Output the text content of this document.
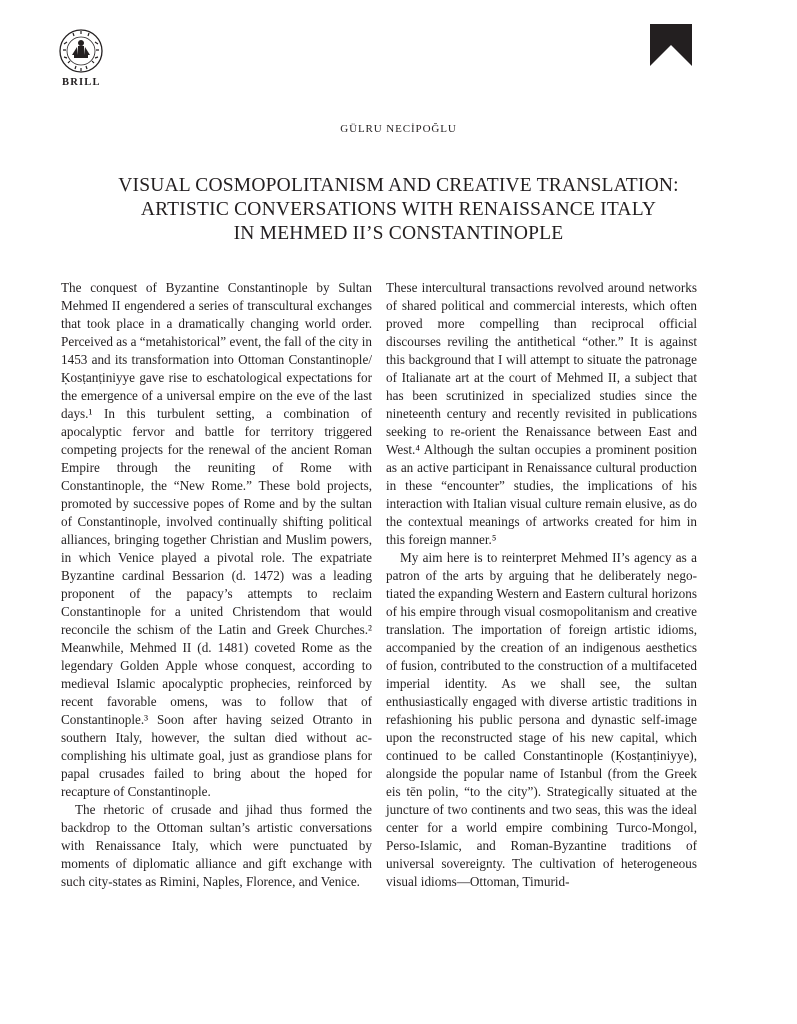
BRILL
GÜLRU NECİPOĞLU
VISUAL COSMOPOLITANISM AND CREATIVE TRANSLATION:
ARTISTIC CONVERSATIONS WITH RENAISSANCE ITALY
IN MEHMED II’S CONSTANTINOPLE

The conquest of Byzantine Constantinople by Sultan Mehmed II engendered a series of transcultural exchanges that took place in a dramatically changing world order. Perceived as a “metahistorical” event, the fall of the city in 1453 and its transformation into Ottoman Constantinople/Ḳosṭanṭiniyye gave rise to eschatological expectations for the emergence of a universal empire on the eve of the last days.¹ In this turbulent setting, a combination of apocalyptic fervor and battle for territory triggered competing projects for the renewal of the ancient Roman Empire through the reuniting of Rome with Constantinople, the “New Rome.” These bold projects, promoted by successive popes of Rome and by the sultan of Constantinople, involved continually shifting political alliances, bringing together Christian and Muslim powers, in which Venice played a pivotal role. The expatriate Byzantine cardinal Bessarion (d. 1472) was a leading proponent of the papacy’s attempts to reclaim Constantinople for a united Christendom that would reconcile the schism of the Latin and Greek Churches.² Meanwhile, Mehmed II (d. 1481) coveted Rome as the legendary Golden Apple whose conquest, according to medieval Islamic apocalyptic prophecies, reinforced by recent favorable omens, was to follow that of Constantinople.³ Soon after having seized Otranto in southern Italy, however, the sultan died without accomplishing his ultimate goal, just as grandiose plans for papal crusades failed to bring about the hoped for recapture of Constantinople.

The rhetoric of crusade and jihad thus formed the backdrop to the Ottoman sultan’s artistic conversations with Renaissance Italy, which were punctuated by moments of diplomatic alliance and gift exchange with such city-states as Rimini, Naples, Florence, and Venice.

These intercultural transactions revolved around networks of shared political and commercial interests, which often proved more compelling than reciprocal official discourses reviling the antithetical “other.” It is against this background that I will attempt to situate the patronage of Italianate art at the court of Mehmed II, a subject that has been scrutinized in specialized studies since the nineteenth century and recently revisited in publications seeking to re-orient the Renaissance between East and West.⁴ Although the sultan occupies a prominent position as an active participant in Renaissance cultural production in these “encounter” studies, the implications of his interaction with Italian visual culture remain elusive, as do the contextual meanings of artworks created for him in this foreign manner.⁵

My aim here is to reinterpret Mehmed II’s agency as a patron of the arts by arguing that he deliberately negotiated the expanding Western and Eastern cultural horizons of his empire through visual cosmopolitanism and creative translation. The importation of foreign artistic idioms, accompanied by the creation of an indigenous aesthetics of fusion, contributed to the construction of a multifaceted imperial identity. As we shall see, the sultan enthusiastically engaged with diverse artistic traditions in refashioning his public persona and dynastic self-image upon the reconstructed stage of his new capital, which continued to be called Constantinople (Ḳosṭanṭiniyye), alongside the popular name of Istanbul (from the Greek eis tēn polin, “to the city”). Strategically situated at the juncture of two continents and two seas, this was the ideal center for a world empire combining Turco-Mongol, Perso-Islamic, and Roman-Byzantine traditions of universal sovereignty. The cultivation of heterogeneous visual idioms—Ottoman, Timurid-
